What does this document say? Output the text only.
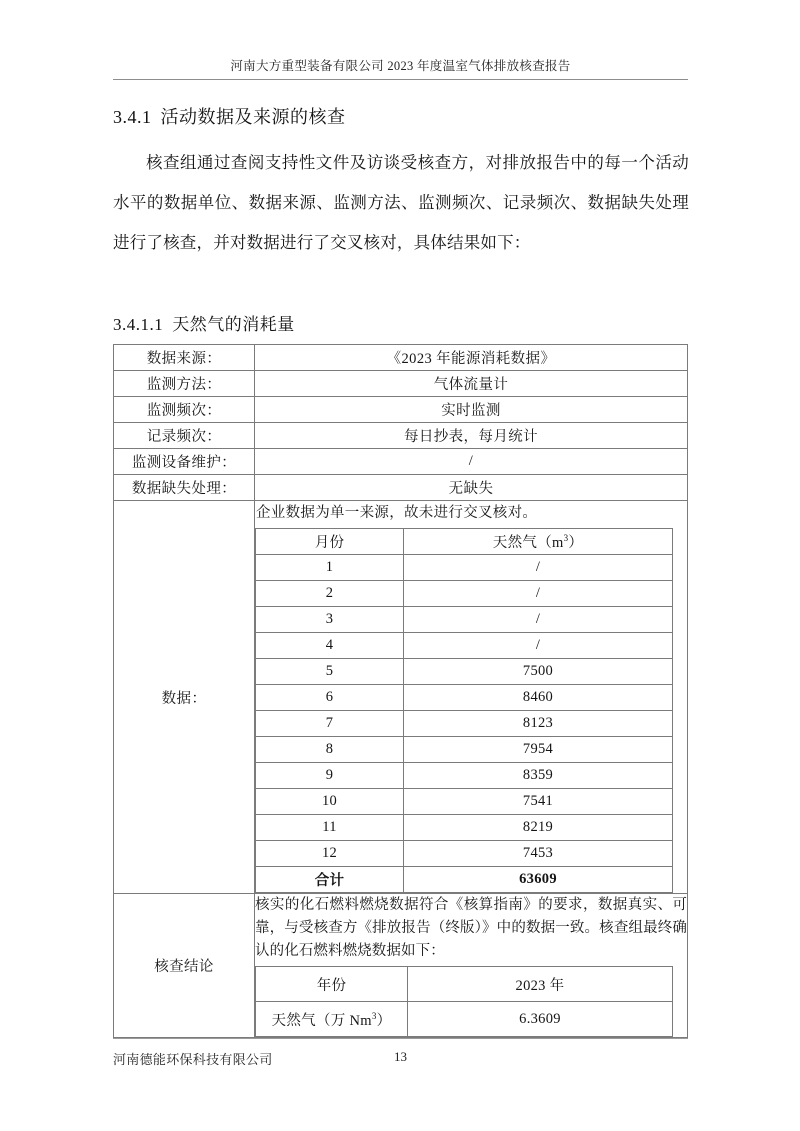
河南大方重型装备有限公司 2023 年度温室气体排放核查报告
3.4.1 活动数据及来源的核查
核查组通过查阅支持性文件及访谈受核查方，对排放报告中的每一个活动水平的数据单位、数据来源、监测方法、监测频次、记录频次、数据缺失处理进行了核查，并对数据进行了交叉核对，具体结果如下：
3.4.1.1 天然气的消耗量
数据来源：	《2023 年能源消耗数据》
监测方法：	气体流量计
监测频次：	实时监测
记录频次：	每日抄表，每月统计
监测设备维护：	/
数据缺失处理：	无缺失
数据：	
企业数据为单一来源，故未进行交叉核对。
月份	天然气$(m^3)$
1	/
2	/
3	/
4	/
5	7500
6	8460
7	8123
8	7954
9	8359
10	7541
11	8219
12	7453
合计	63609

核查结论	
核实的化石燃料燃烧数据符合《核算指南》的要求，数据真实、可靠，与受核查方《排放报告（终版）》中的数据一致。核查组最终确认的化石燃料燃烧数据如下：
年份	2023 年
天然气（万 Nm$^3$）	6.3609
河南德能环保科技有限公司	13
